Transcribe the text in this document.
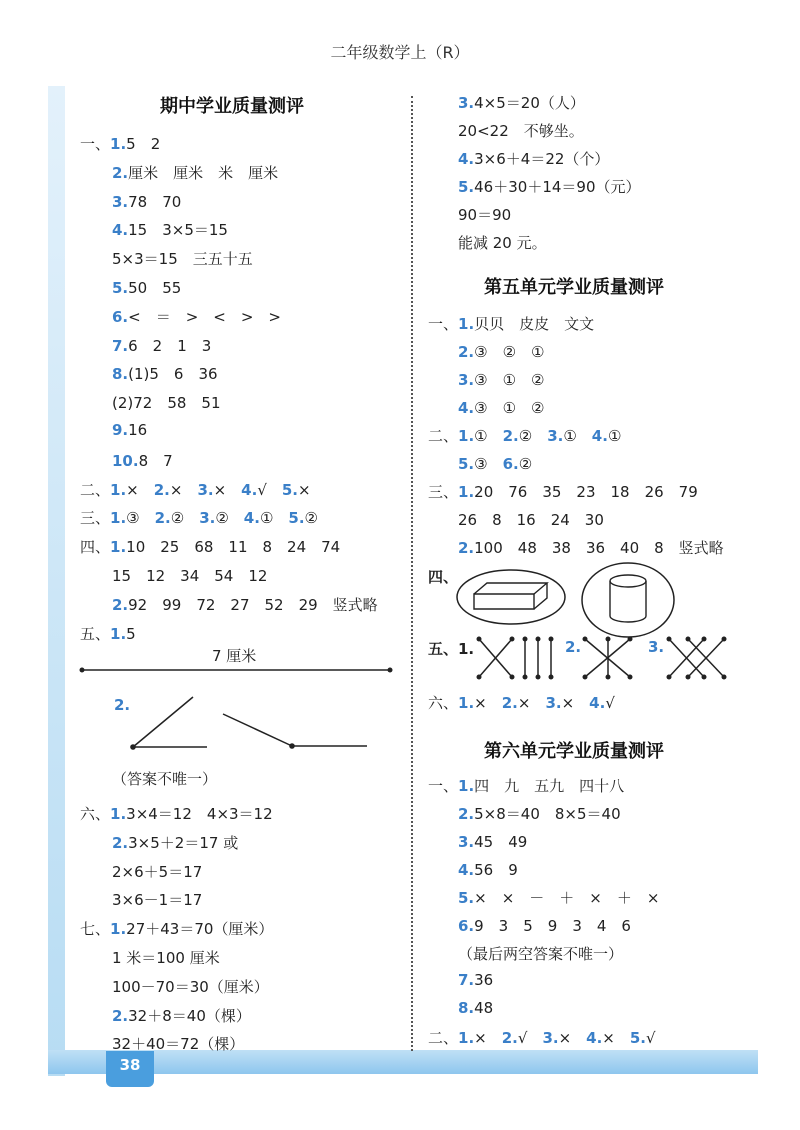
二年级数学上（R）
38
期中学业质量测评
一、1.5　2
2.厘米　厘米　米　厘米
3.78　70
4.15　3×5＝15
5×3＝15　三五十五
5.50　55
6.<　＝　>　<　>　>
7.6　2　1　3
8.(1)5　6　36
(2)72　58　51
9.16
10.8　7
二、1.×　2.×　3.×　4.√　5.×
三、1.③　2.②　3.②　4.①　5.②
四、1.10　25　68　11　8　24　74
15　12　34　54　12
2.92　99　72　27　52　29　竖式略
五、1.5
7 厘米
2.
（答案不唯一）
六、1.3×4＝12　4×3＝12
2.3×5＋2＝17 或
2×6＋5＝17
3×6－1＝17
七、1.27＋43＝70（厘米）
1 米＝100 厘米
100－70＝30（厘米）
2.32＋8＝40（棵）
32＋40＝72（棵）
3.4×5＝20（人）
20<22　不够坐。
4.3×6＋4＝22（个）
5.46＋30＋14＝90（元）
90＝90
能减 20 元。
第五单元学业质量测评
一、1.贝贝　皮皮　文文
2.③　②　①
3.③　①　②
4.③　①　②
二、1.①　2.②　3.①　4.①
5.③　6.②
三、1.20　76　35　23　18　26　79
26　8　16　24　30
2.100　48　38　36　40　8　竖式略
四、
五、1.	2.	3.
六、1.×　2.×　3.×　4.√
第六单元学业质量测评
一、1.四　九　五九　四十八
2.5×8＝40　8×5＝40
3.45　49
4.56　9
5.×　×　－　＋　×　＋　×
6.9　3　5　9　3　4　6
（最后两空答案不唯一）
7.36
8.48
二、1.×　2.√　3.×　4.×　5.√
